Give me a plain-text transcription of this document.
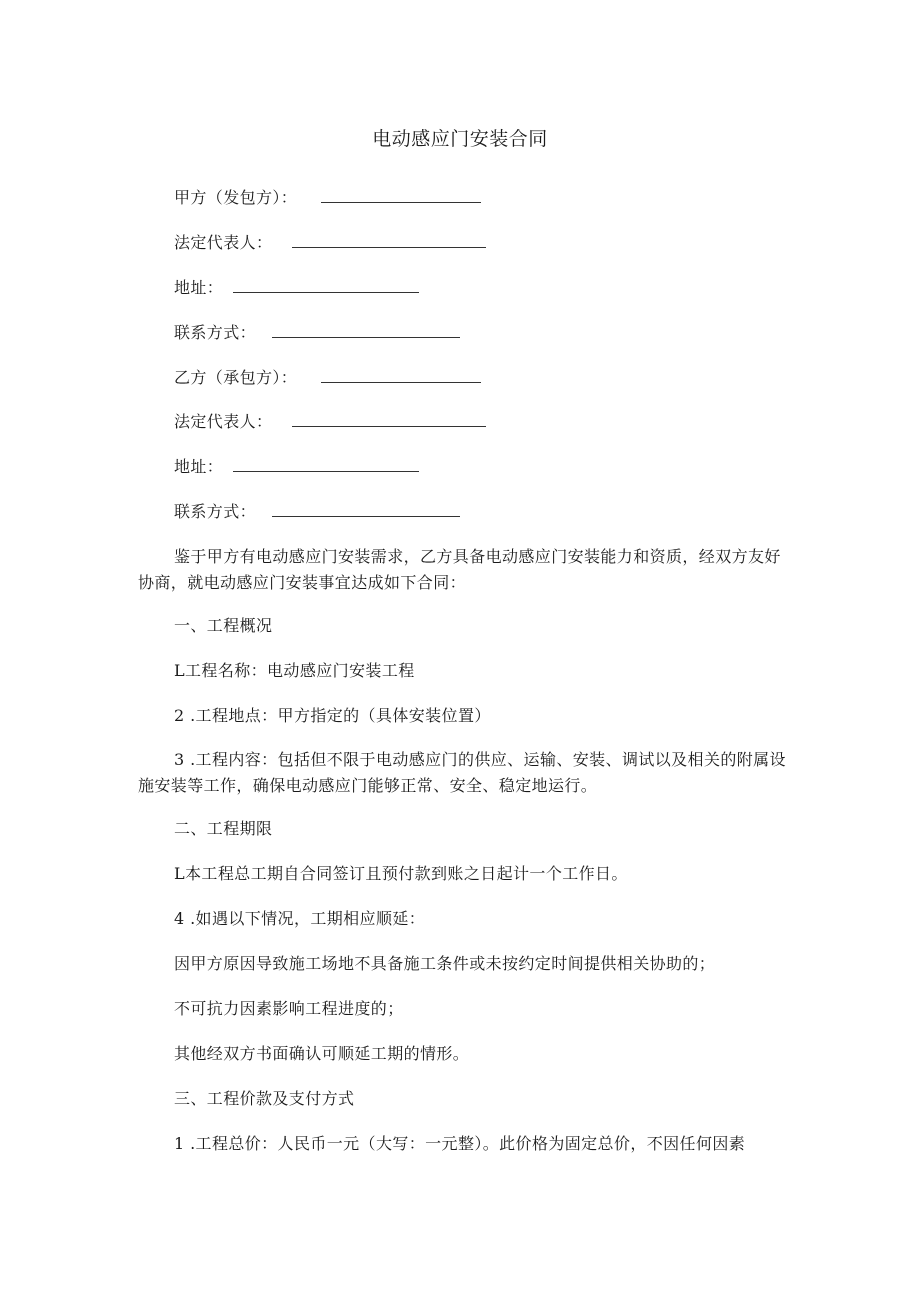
电动感应门安装合同
甲方（发包方）：
法定代表人：
地址：
联系方式：
乙方（承包方）：
法定代表人：
地址：
联系方式：
鉴于甲方有电动感应门安装需求，乙方具备电动感应门安装能力和资质，经双方友好协商，就电动感应门安装事宜达成如下合同：
一、工程概况
L工程名称：电动感应门安装工程
2 .工程地点：甲方指定的（具体安装位置）
3 .工程内容：包括但不限于电动感应门的供应、运输、安装、调试以及相关的附属设施安装等工作，确保电动感应门能够正常、安全、稳定地运行。
二、工程期限
L本工程总工期自合同签订且预付款到账之日起计一个工作日。
4 .如遇以下情况，工期相应顺延：
因甲方原因导致施工场地不具备施工条件或未按约定时间提供相关协助的；
不可抗力因素影响工程进度的；
其他经双方书面确认可顺延工期的情形。
三、工程价款及支付方式
1 .工程总价：人民币一元（大写：一元整）。此价格为固定总价，不因任何因素
